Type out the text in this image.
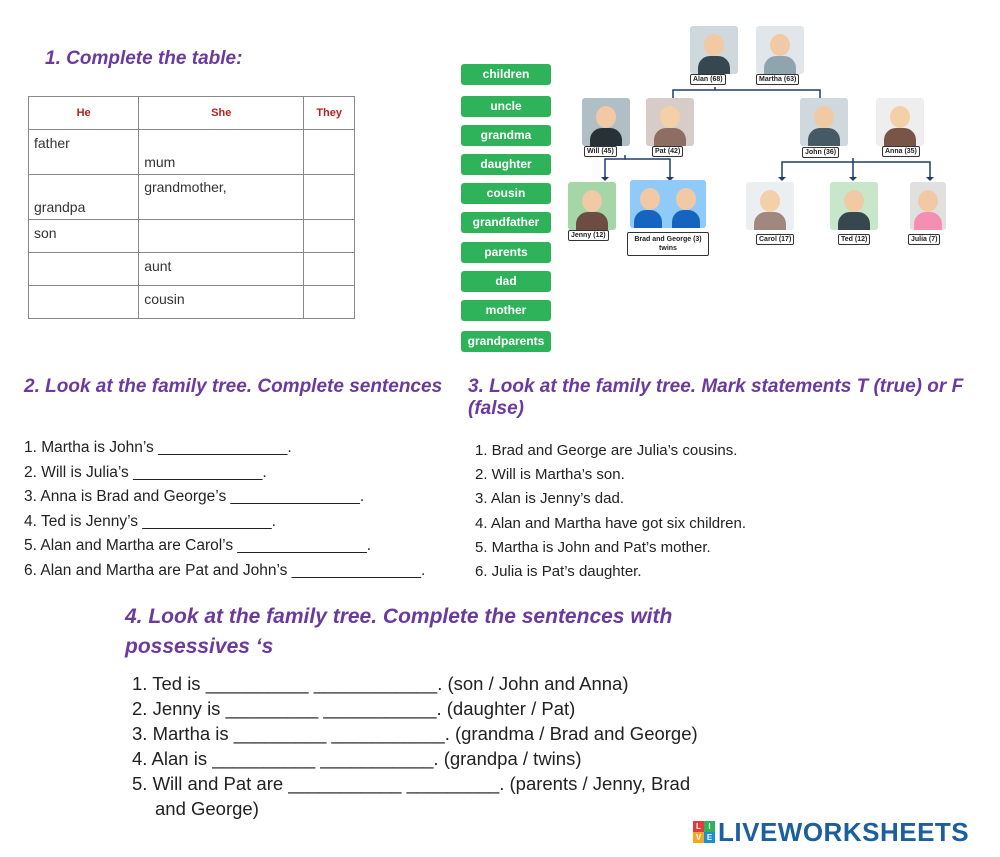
1. Complete the table:
He	She	They

father	mum	

grandpa	grandmother,	

son		

	aunt	

	cousin	

children
uncle
grandma
daughter
cousin
grandfather
parents
dad
mother
grandparents
Alan (68)	Martha (63)
Will (45)	Pat (42)	John (36)	Anna (35)
Jenny (12)
Brad and George (3) twins
Carol (17)	Ted (12)	Julia (7)
2. Look at the family tree. Complete sentences 3. Look at the family tree. Mark statements T (true) or F (false)
1. Martha is John’s _______________.
2. Will is Julia’s _______________.
3. Anna is Brad and George’s _______________.
4. Ted is Jenny’s _______________.
5. Alan and Martha are Carol’s _______________.
6. Alan and Martha are Pat and John’s _______________.
1. Brad and George are Julia’s cousins.
2. Will is Martha’s son.
3. Alan is Jenny’s dad.
4. Alan and Martha have got six children.
5. Martha is John and Pat’s mother.
6. Julia is Pat’s daughter.
4. Look at the family tree. Complete the sentences with possessives ‘s
1. Ted is __________ ____________. (son / John and Anna)
2. Jenny is _________ ___________. (daughter / Pat)
3. Martha is _________ ___________. (grandma / Brad and George)
4. Alan is __________ ___________. (grandpa / twins)
5. Will and Pat are ___________ _________. (parents / Jenny, Brad
and George)
L I
V E LIVEWORKSHEETS
